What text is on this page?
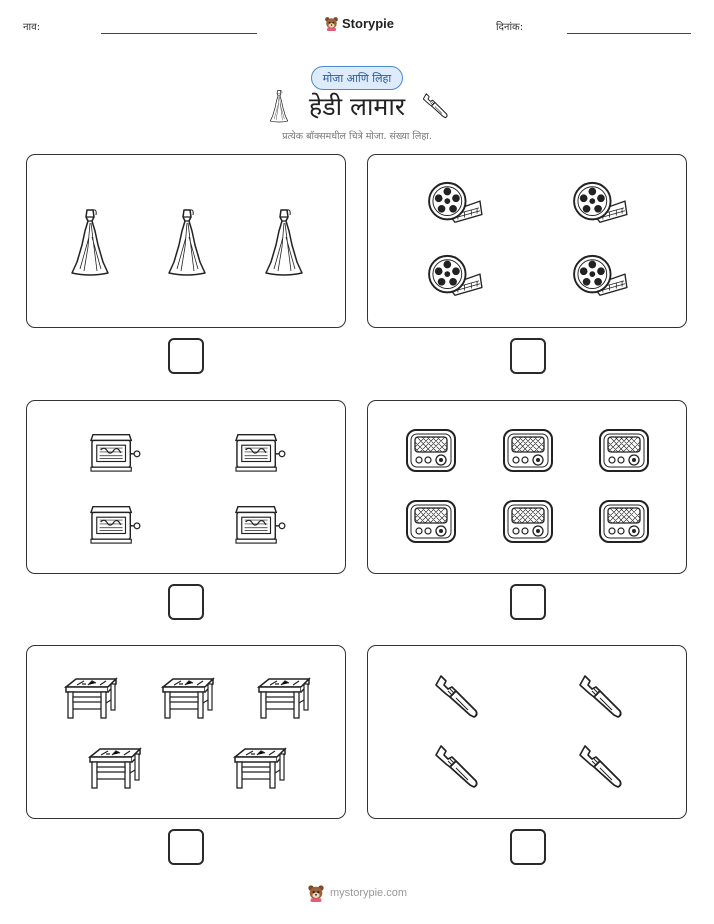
नाव:	Storypie	दिनांक:
मोजा आणि लिहा
हेडी लामार
प्रत्येक बॉक्समधील चित्रे मोजा. संख्या लिहा.
mystorypie.com
